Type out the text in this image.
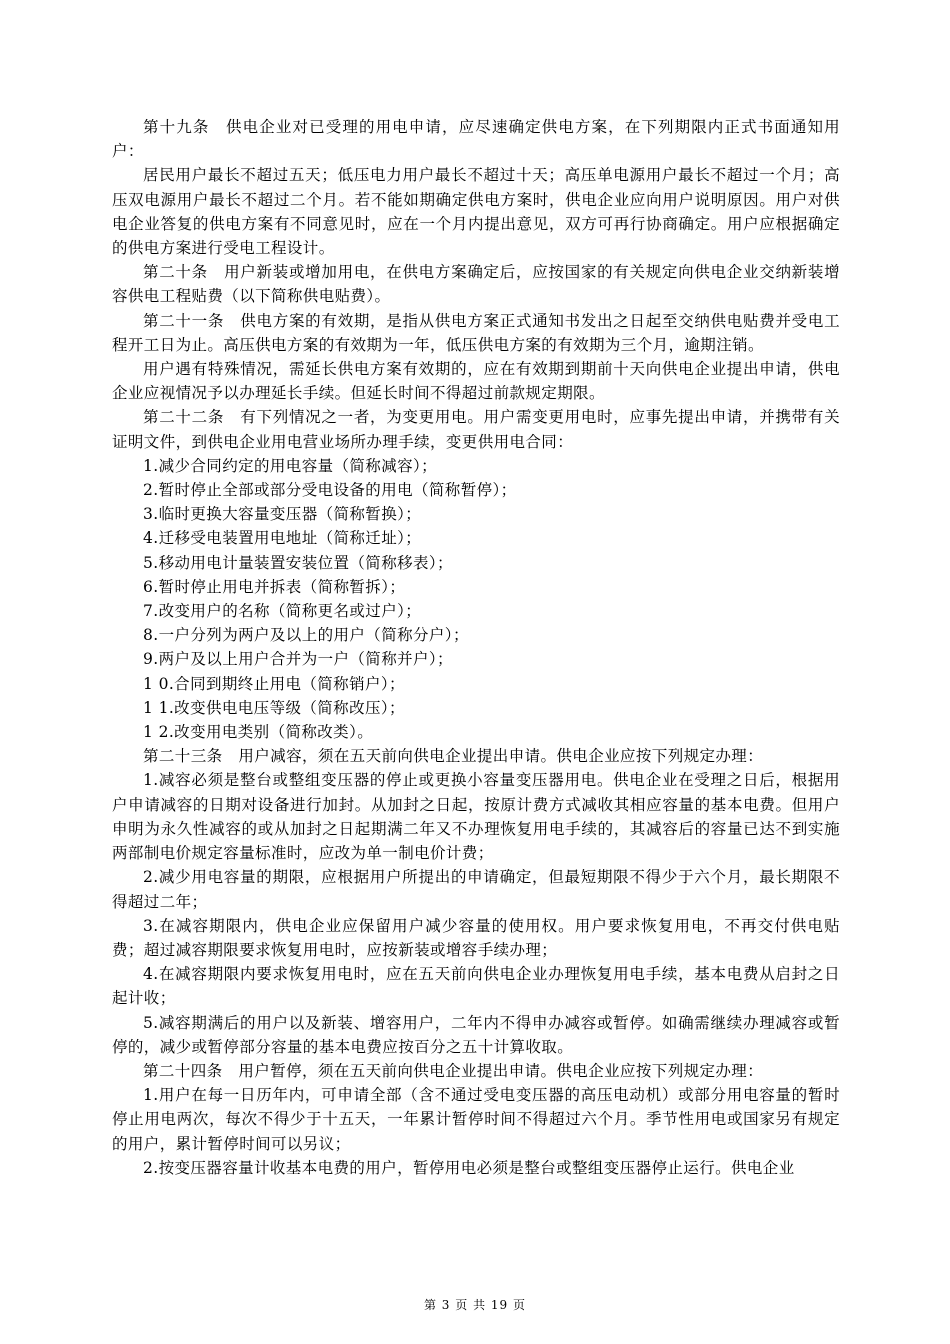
第十九条　供电企业对已受理的用电申请，应尽速确定供电方案，在下列期限内正式书面通知用户：

居民用户最长不超过五天；低压电力用户最长不超过十天；高压单电源用户最长不超过一个月；高压双电源用户最长不超过二个月。若不能如期确定供电方案时，供电企业应向用户说明原因。用户对供电企业答复的供电方案有不同意见时，应在一个月内提出意见，双方可再行协商确定。用户应根据确定的供电方案进行受电工程设计。

第二十条　用户新装或增加用电，在供电方案确定后，应按国家的有关规定向供电企业交纳新装增容供电工程贴费（以下简称供电贴费）。

第二十一条　供电方案的有效期，是指从供电方案正式通知书发出之日起至交纳供电贴费并受电工程开工日为止。高压供电方案的有效期为一年，低压供电方案的有效期为三个月，逾期注销。

用户遇有特殊情况，需延长供电方案有效期的，应在有效期到期前十天向供电企业提出申请，供电企业应视情况予以办理延长手续。但延长时间不得超过前款规定期限。

第二十二条　有下列情况之一者，为变更用电。用户需变更用电时，应事先提出申请，并携带有关证明文件，到供电企业用电营业场所办理手续，变更供用电合同：

1.减少合同约定的用电容量（简称减容）；

2.暂时停止全部或部分受电设备的用电（简称暂停）；

3.临时更换大容量变压器（简称暂换）；

4.迁移受电装置用电地址（简称迁址）；

5.移动用电计量装置安装位置（简称移表）；

6.暂时停止用电并拆表（简称暂拆）；

7.改变用户的名称（简称更名或过户）；

8.一户分列为两户及以上的用户（简称分户）；

9.两户及以上用户合并为一户（简称并户）；

1 0.合同到期终止用电（简称销户）；

1 1.改变供电电压等级（简称改压）；

1 2.改变用电类别（简称改类）。

第二十三条　用户减容，须在五天前向供电企业提出申请。供电企业应按下列规定办理：

1.减容必须是整台或整组变压器的停止或更换小容量变压器用电。供电企业在受理之日后，根据用户申请减容的日期对设备进行加封。从加封之日起，按原计费方式减收其相应容量的基本电费。但用户申明为永久性减容的或从加封之日起期满二年又不办理恢复用电手续的，其减容后的容量已达不到实施两部制电价规定容量标准时，应改为单一制电价计费；

2.减少用电容量的期限，应根据用户所提出的申请确定，但最短期限不得少于六个月，最长期限不得超过二年；

3.在减容期限内，供电企业应保留用户减少容量的使用权。用户要求恢复用电，不再交付供电贴费；超过减容期限要求恢复用电时，应按新装或增容手续办理；

4.在减容期限内要求恢复用电时，应在五天前向供电企业办理恢复用电手续，基本电费从启封之日起计收；

5.减容期满后的用户以及新装、增容用户，二年内不得申办减容或暂停。如确需继续办理减容或暂停的，减少或暂停部分容量的基本电费应按百分之五十计算收取。

第二十四条　用户暂停，须在五天前向供电企业提出申请。供电企业应按下列规定办理：

1.用户在每一日历年内，可申请全部（含不通过受电变压器的高压电动机）或部分用电容量的暂时停止用电两次，每次不得少于十五天，一年累计暂停时间不得超过六个月。季节性用电或国家另有规定的用户，累计暂停时间可以另议；

2.按变压器容量计收基本电费的用户，暂停用电必须是整台或整组变压器停止运行。供电企业

第 3 页 共 19 页
